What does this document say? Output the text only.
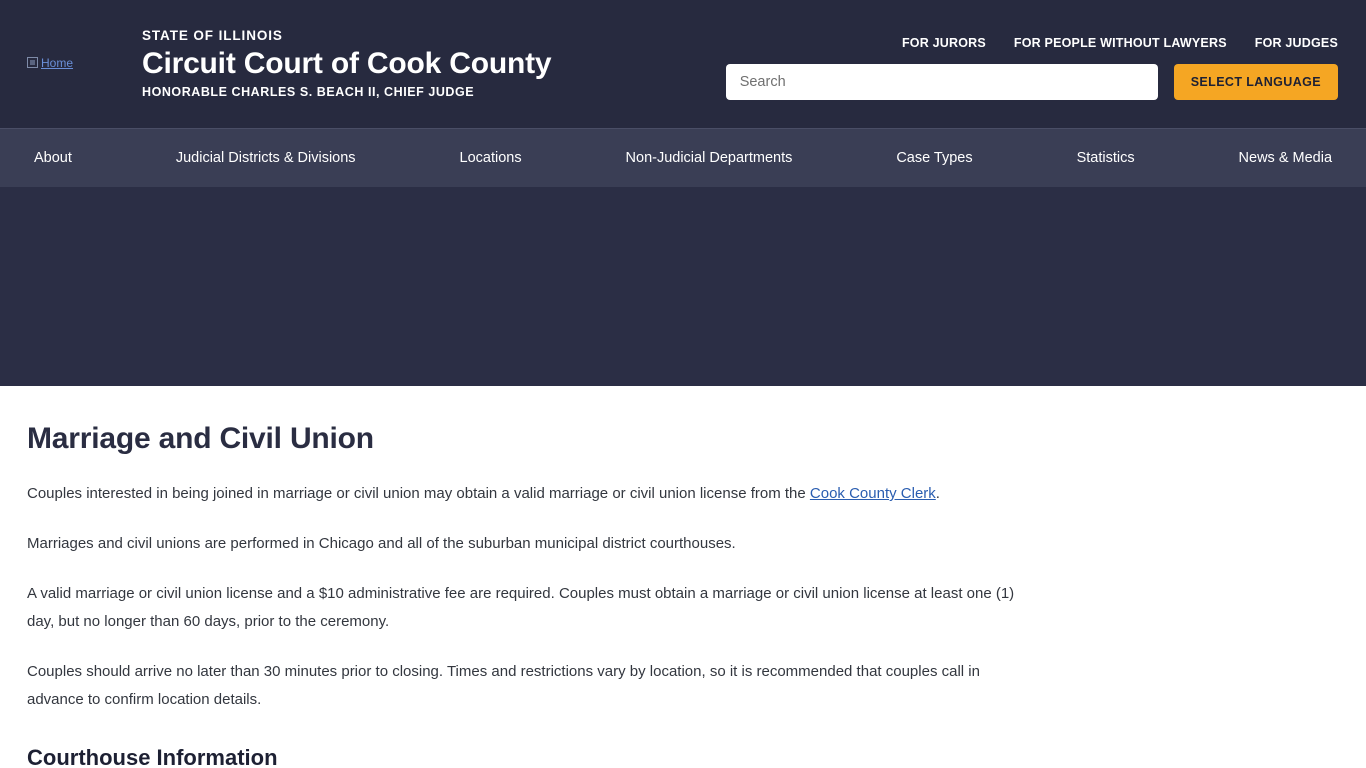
Home
STATE OF ILLINOIS
Circuit Court of Cook County
HONORABLE CHARLES S. BEACH II, CHIEF JUDGE
FOR JURORS FOR PEOPLE WITHOUT LAWYERS FOR JUDGES
Search
SELECT LANGUAGE
About	Judicial Districts & Divisions	Locations	Non-Judicial Departments	Case Types	Statistics	News & Media
Marriage and Civil Union

Couples interested in being joined in marriage or civil union may obtain a valid marriage or civil union license from the Cook County Clerk.

Marriages and civil unions are performed in Chicago and all of the suburban municipal district courthouses.

A valid marriage or civil union license and a $10 administrative fee are required. Couples must obtain a marriage or civil union license at least one (1) day, but no longer than 60 days, prior to the ceremony.

Couples should arrive no later than 30 minutes prior to closing. Times and restrictions vary by location, so it is recommended that couples call in advance to confirm location details.

Courthouse Information
